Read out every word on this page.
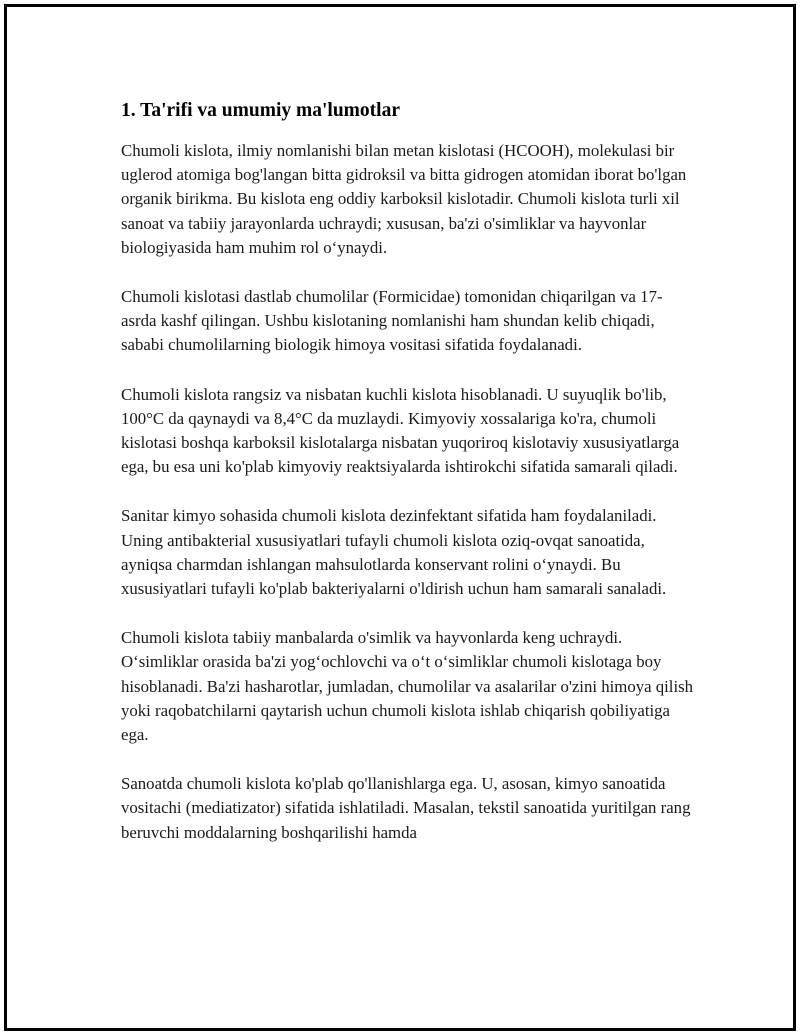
1. Ta'rifi va umumiy ma'lumotlar

Chumoli kislota, ilmiy nomlanishi bilan metan kislotasi (HCOOH), molekulasi bir uglerod atomiga bog'langan bitta gidroksil va bitta gidrogen atomidan iborat bo'lgan organik birikma. Bu kislota eng oddiy karboksil kislotadir. Chumoli kislota turli xil sanoat va tabiiy jarayonlarda uchraydi; xususan, ba'zi o'simliklar va hayvonlar biologiyasida ham muhim rol o‘ynaydi.

Chumoli kislotasi dastlab chumolilar (Formicidae) tomonidan chiqarilgan va 17-asrda kashf qilingan. Ushbu kislotaning nomlanishi ham shundan kelib chiqadi, sababi chumolilarning biologik himoya vositasi sifatida foydalanadi.

Chumoli kislota rangsiz va nisbatan kuchli kislota hisoblanadi. U suyuqlik bo'lib, 100°C da qaynaydi va 8,4°C da muzlaydi. Kimyoviy xossalariga ko'ra, chumoli kislotasi boshqa karboksil kislotalarga nisbatan yuqoriroq kislotaviy xususiyatlarga ega, bu esa uni ko'plab kimyoviy reaktsiyalarda ishtirokchi sifatida samarali qiladi.

Sanitar kimyo sohasida chumoli kislota dezinfektant sifatida ham foydalaniladi. Uning antibakterial xususiyatlari tufayli chumoli kislota oziq-ovqat sanoatida, ayniqsa charmdan ishlangan mahsulotlarda konservant rolini o‘ynaydi. Bu xususiyatlari tufayli ko'plab bakteriyalarni o'ldirish uchun ham samarali sanaladi.

Chumoli kislota tabiiy manbalarda o'simlik va hayvonlarda keng uchraydi. O‘simliklar orasida ba'zi yog‘ochlovchi va o‘t o‘simliklar chumoli kislotaga boy hisoblanadi. Ba'zi hasharotlar, jumladan, chumolilar va asalarilar o'zini himoya qilish yoki raqobatchilarni qaytarish uchun chumoli kislota ishlab chiqarish qobiliyatiga ega.

Sanoatda chumoli kislota ko'plab qo'llanishlarga ega. U, asosan, kimyo sanoatida vositachi (mediatizator) sifatida ishlatiladi. Masalan, tekstil sanoatida yuritilgan rang beruvchi moddalarning boshqarilishi hamda
